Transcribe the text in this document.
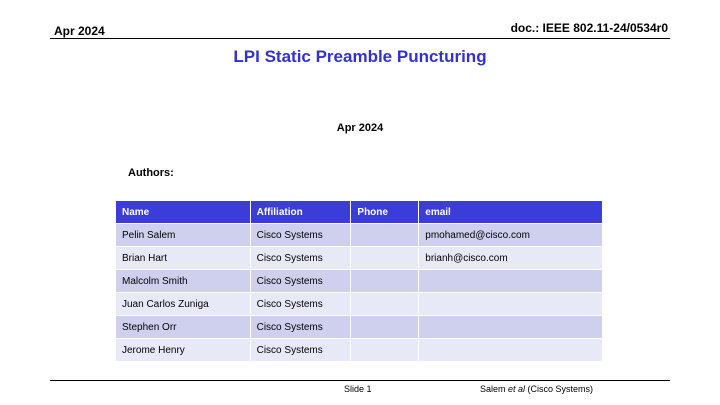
Apr 2024	doc.: IEEE 802.11-24/0534r0
LPI Static Preamble Puncturing
Apr 2024
Authors:
Name	Affiliation	Phone	email
Pelin Salem	Cisco Systems		pmohamed@cisco.com
Brian Hart	Cisco Systems		brianh@cisco.com
Malcolm Smith	Cisco Systems		
Juan Carlos Zuniga	Cisco Systems		
Stephen Orr	Cisco Systems		
Jerome Henry	Cisco Systems		
Slide 1	Salem et al (Cisco Systems)
